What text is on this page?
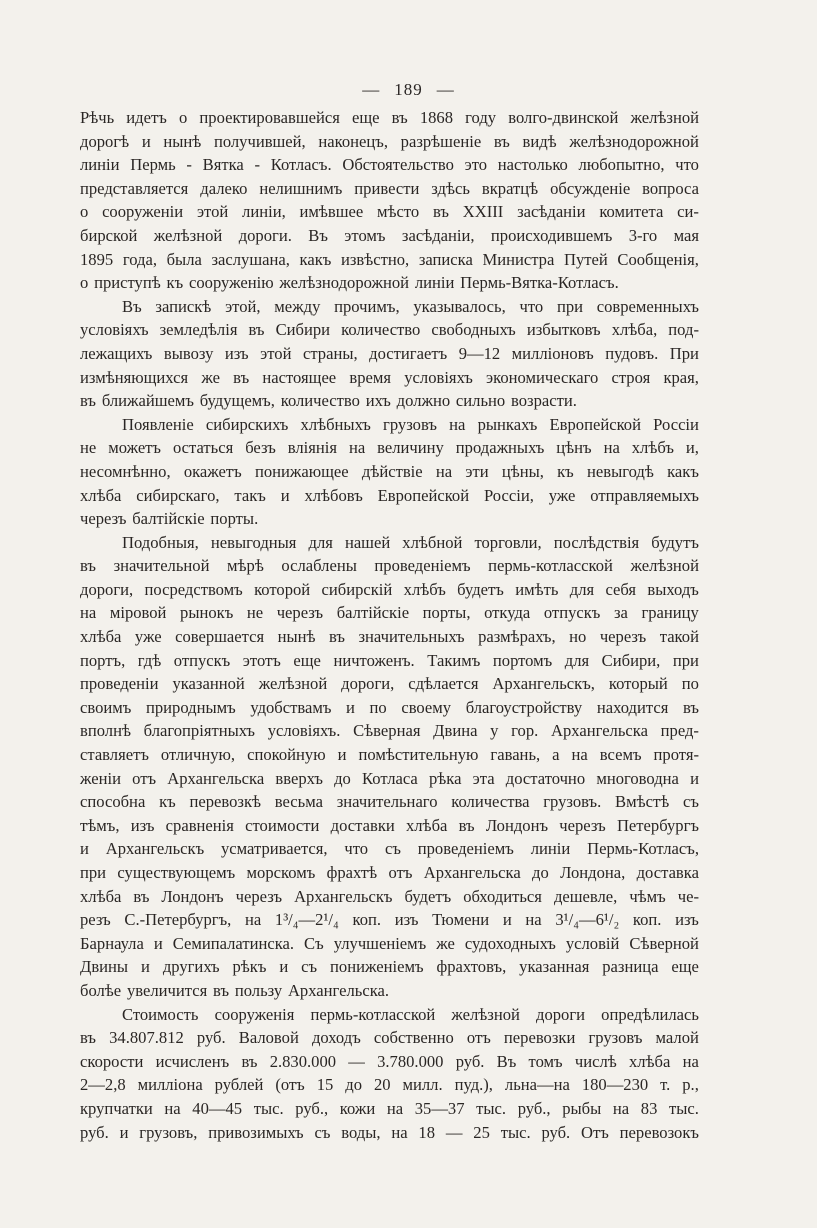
— 189 —
Рѣчь идетъ о проектировавшейся еще въ 1868 году волго-двинской желѣзной
дорогѣ и нынѣ получившей, наконецъ, разрѣшеніе въ видѣ желѣзнодорожной
линіи Пермь - Вятка - Котласъ. Обстоятельство это настолько любопытно, что
представляется далеко нелишнимъ привести здѣсь вкратцѣ обсужденіе вопроса
о сооруженіи этой линіи, имѣвшее мѣсто въ XXIII засѣданіи комитета си-
бирской желѣзной дороги. Въ этомъ засѣданіи, происходившемъ 3-го мая
1895 года, была заслушана, какъ извѣстно, записка Министра Путей Сообщенія,
о приступѣ къ сооруженію желѣзнодорожной линіи Пермь-Вятка-Котласъ.
Въ запискѣ этой, между прочимъ, указывалось, что при современныхъ
условіяхъ земледѣлія въ Сибири количество свободныхъ избытковъ хлѣба, под-
лежащихъ вывозу изъ этой страны, достигаетъ 9—12 милліоновъ пудовъ. При
измѣняющихся же въ настоящее время условіяхъ экономическаго строя края,
въ ближайшемъ будущемъ, количество ихъ должно сильно возрасти.
Появленіе сибирскихъ хлѣбныхъ грузовъ на рынкахъ Европейской Россіи
не можетъ остаться безъ вліянія на величину продажныхъ цѣнъ на хлѣбъ и,
несомнѣнно, окажетъ понижающее дѣйствіе на эти цѣны, къ невыгодѣ какъ
хлѣба сибирскаго, такъ и хлѣбовъ Европейской Россіи, уже отправляемыхъ
черезъ балтійскіе порты.
Подобныя, невыгодныя для нашей хлѣбной торговли, послѣдствія будутъ
въ значительной мѣрѣ ослаблены проведеніемъ пермь-котласской желѣзной
дороги, посредствомъ которой сибирскій хлѣбъ будетъ имѣть для себя выходъ
на міровой рынокъ не черезъ балтійскіе порты, откуда отпускъ за границу
хлѣба уже совершается нынѣ въ значительныхъ размѣрахъ, но черезъ такой
портъ, гдѣ отпускъ этотъ еще ничтоженъ. Такимъ портомъ для Сибири, при
проведеніи указанной желѣзной дороги, сдѣлается Архангельскъ, который по
своимъ природнымъ удобствамъ и по своему благоустройству находится въ
вполнѣ благопріятныхъ условіяхъ. Сѣверная Двина у гор. Архангельска пред-
ставляетъ отличную, спокойную и помѣстительную гавань, а на всемъ протя-
женіи отъ Архангельска вверхъ до Котласа рѣка эта достаточно многоводна и
способна къ перевозкѣ весьма значительнаго количества грузовъ. Вмѣстѣ съ
тѣмъ, изъ сравненія стоимости доставки хлѣба въ Лондонъ черезъ Петербургъ
и Архангельскъ усматривается, что съ проведеніемъ линіи Пермь-Котласъ,
при существующемъ морскомъ фрахтѣ отъ Архангельска до Лондона, доставка
хлѣба въ Лондонъ черезъ Архангельскъ будетъ обходиться дешевле, чѣмъ че-
резъ С.-Петербургъ, на 1³/₄—2¹/₄ коп. изъ Тюмени и на 3¹/₄—6¹/₂ коп. изъ
Барнаула и Семипалатинска. Съ улучшеніемъ же судоходныхъ условій Сѣверной
Двины и другихъ рѣкъ и съ пониженіемъ фрахтовъ, указанная разница еще
болѣе увеличится въ пользу Архангельска.
Стоимость сооруженія пермь-котласской желѣзной дороги опредѣлилась
въ 34.807.812 руб. Валовой доходъ собственно отъ перевозки грузовъ малой
скорости исчисленъ въ 2.830.000 — 3.780.000 руб. Въ томъ числѣ хлѣба на
2—2,8 милліона рублей (отъ 15 до 20 милл. пуд.), льна—на 180—230 т. р.,
крупчатки на 40—45 тыс. руб., кожи на 35—37 тыс. руб., рыбы на 83 тыс.
руб. и грузовъ, привозимыхъ съ воды, на 18 — 25 тыс. руб. Отъ перевозокъ
